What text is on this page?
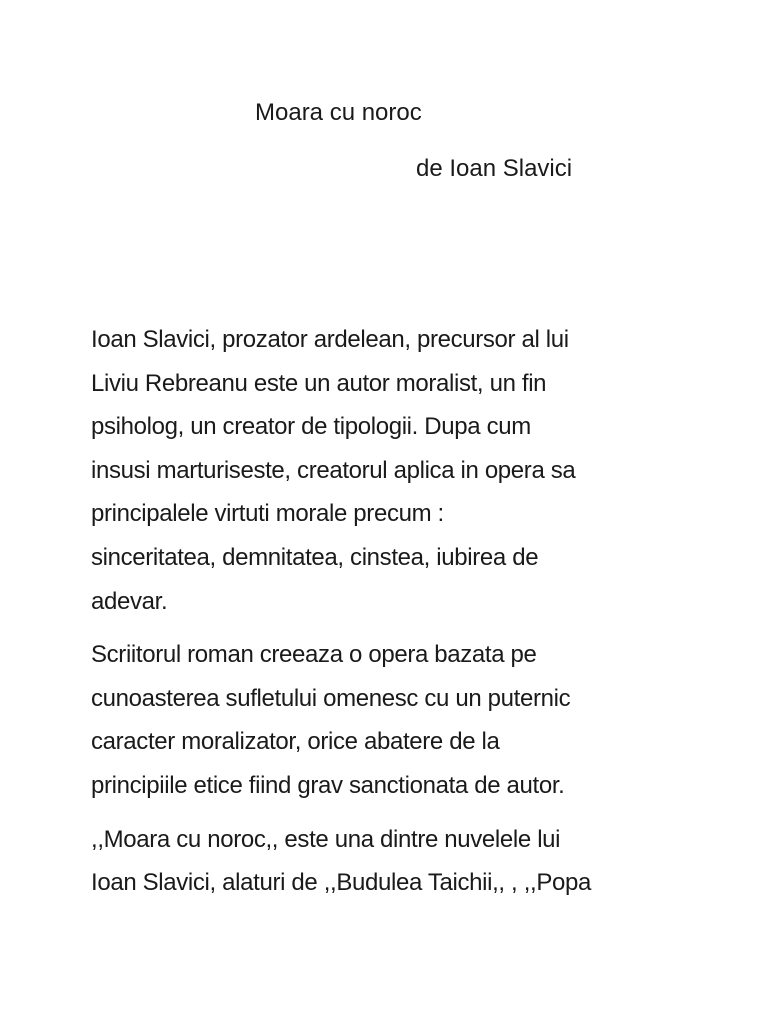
Moara cu noroc
de Ioan Slavici

Ioan Slavici, prozator ardelean, precursor al lui
Liviu Rebreanu este un autor moralist, un fin
psiholog, un creator de tipologii. Dupa cum
insusi marturiseste, creatorul aplica in opera sa
principalele virtuti morale precum :
sinceritatea, demnitatea, cinstea, iubirea de
adevar.

Scriitorul roman creeaza o opera bazata pe
cunoasterea sufletului omenesc cu un puternic
caracter moralizator, orice abatere de la
principiile etice fiind grav sanctionata de autor.

,,Moara cu noroc,, este una dintre nuvelele lui
Ioan Slavici, alaturi de ,,Budulea Taichii,, , ,,Popa
